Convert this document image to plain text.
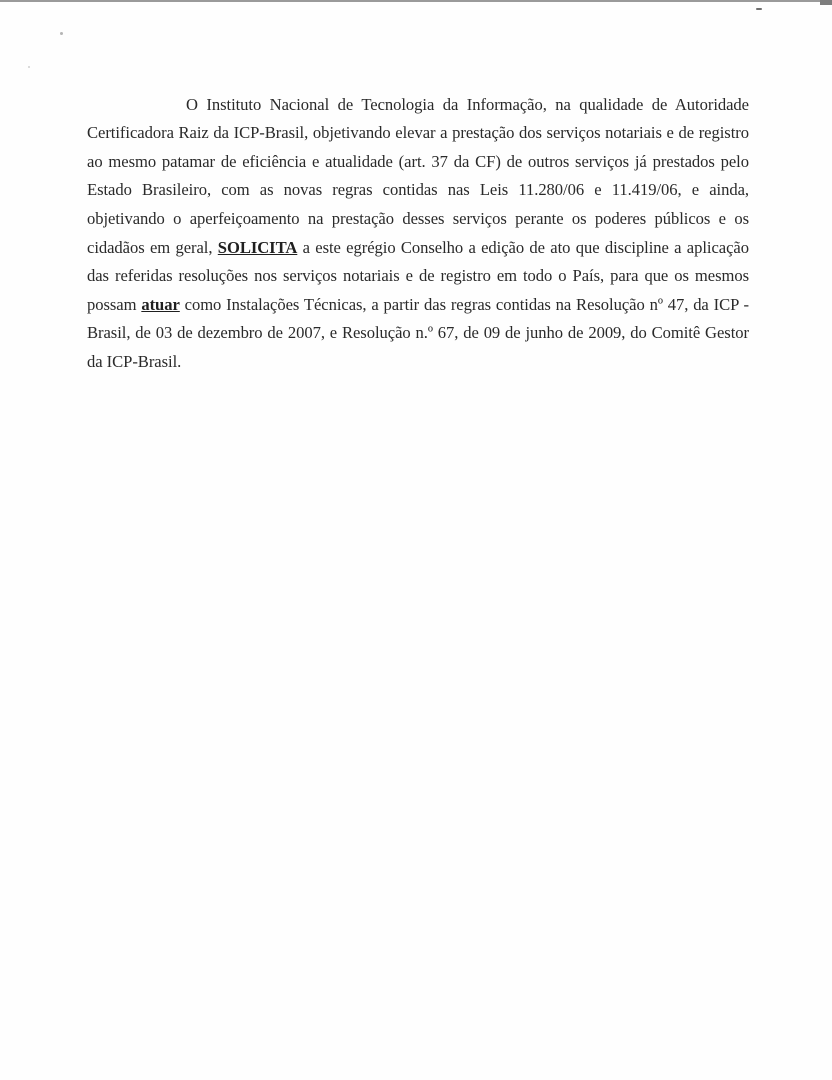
O Instituto Nacional de Tecnologia da Informação, na qualidade de Autoridade Certificadora Raiz da ICP-Brasil, objetivando elevar a prestação dos serviços notariais e de registro ao mesmo patamar de eficiência e atualidade (art. 37 da CF) de outros serviços já prestados pelo Estado Brasileiro, com as novas regras contidas nas Leis 11.280/06 e 11.419/06, e ainda, objetivando o aperfeiçoamento na prestação desses serviços perante os poderes públicos e os cidadãos em geral, SOLICITA a este egrégio Conselho a edição de ato que discipline a aplicação das referidas resoluções nos serviços notariais e de registro em todo o País, para que os mesmos possam atuar como Instalações Técnicas, a partir das regras contidas na Resolução nº 47, da ICP - Brasil, de 03 de dezembro de 2007, e Resolução n.º 67, de 09 de junho de 2009, do Comitê Gestor da ICP-Brasil.
